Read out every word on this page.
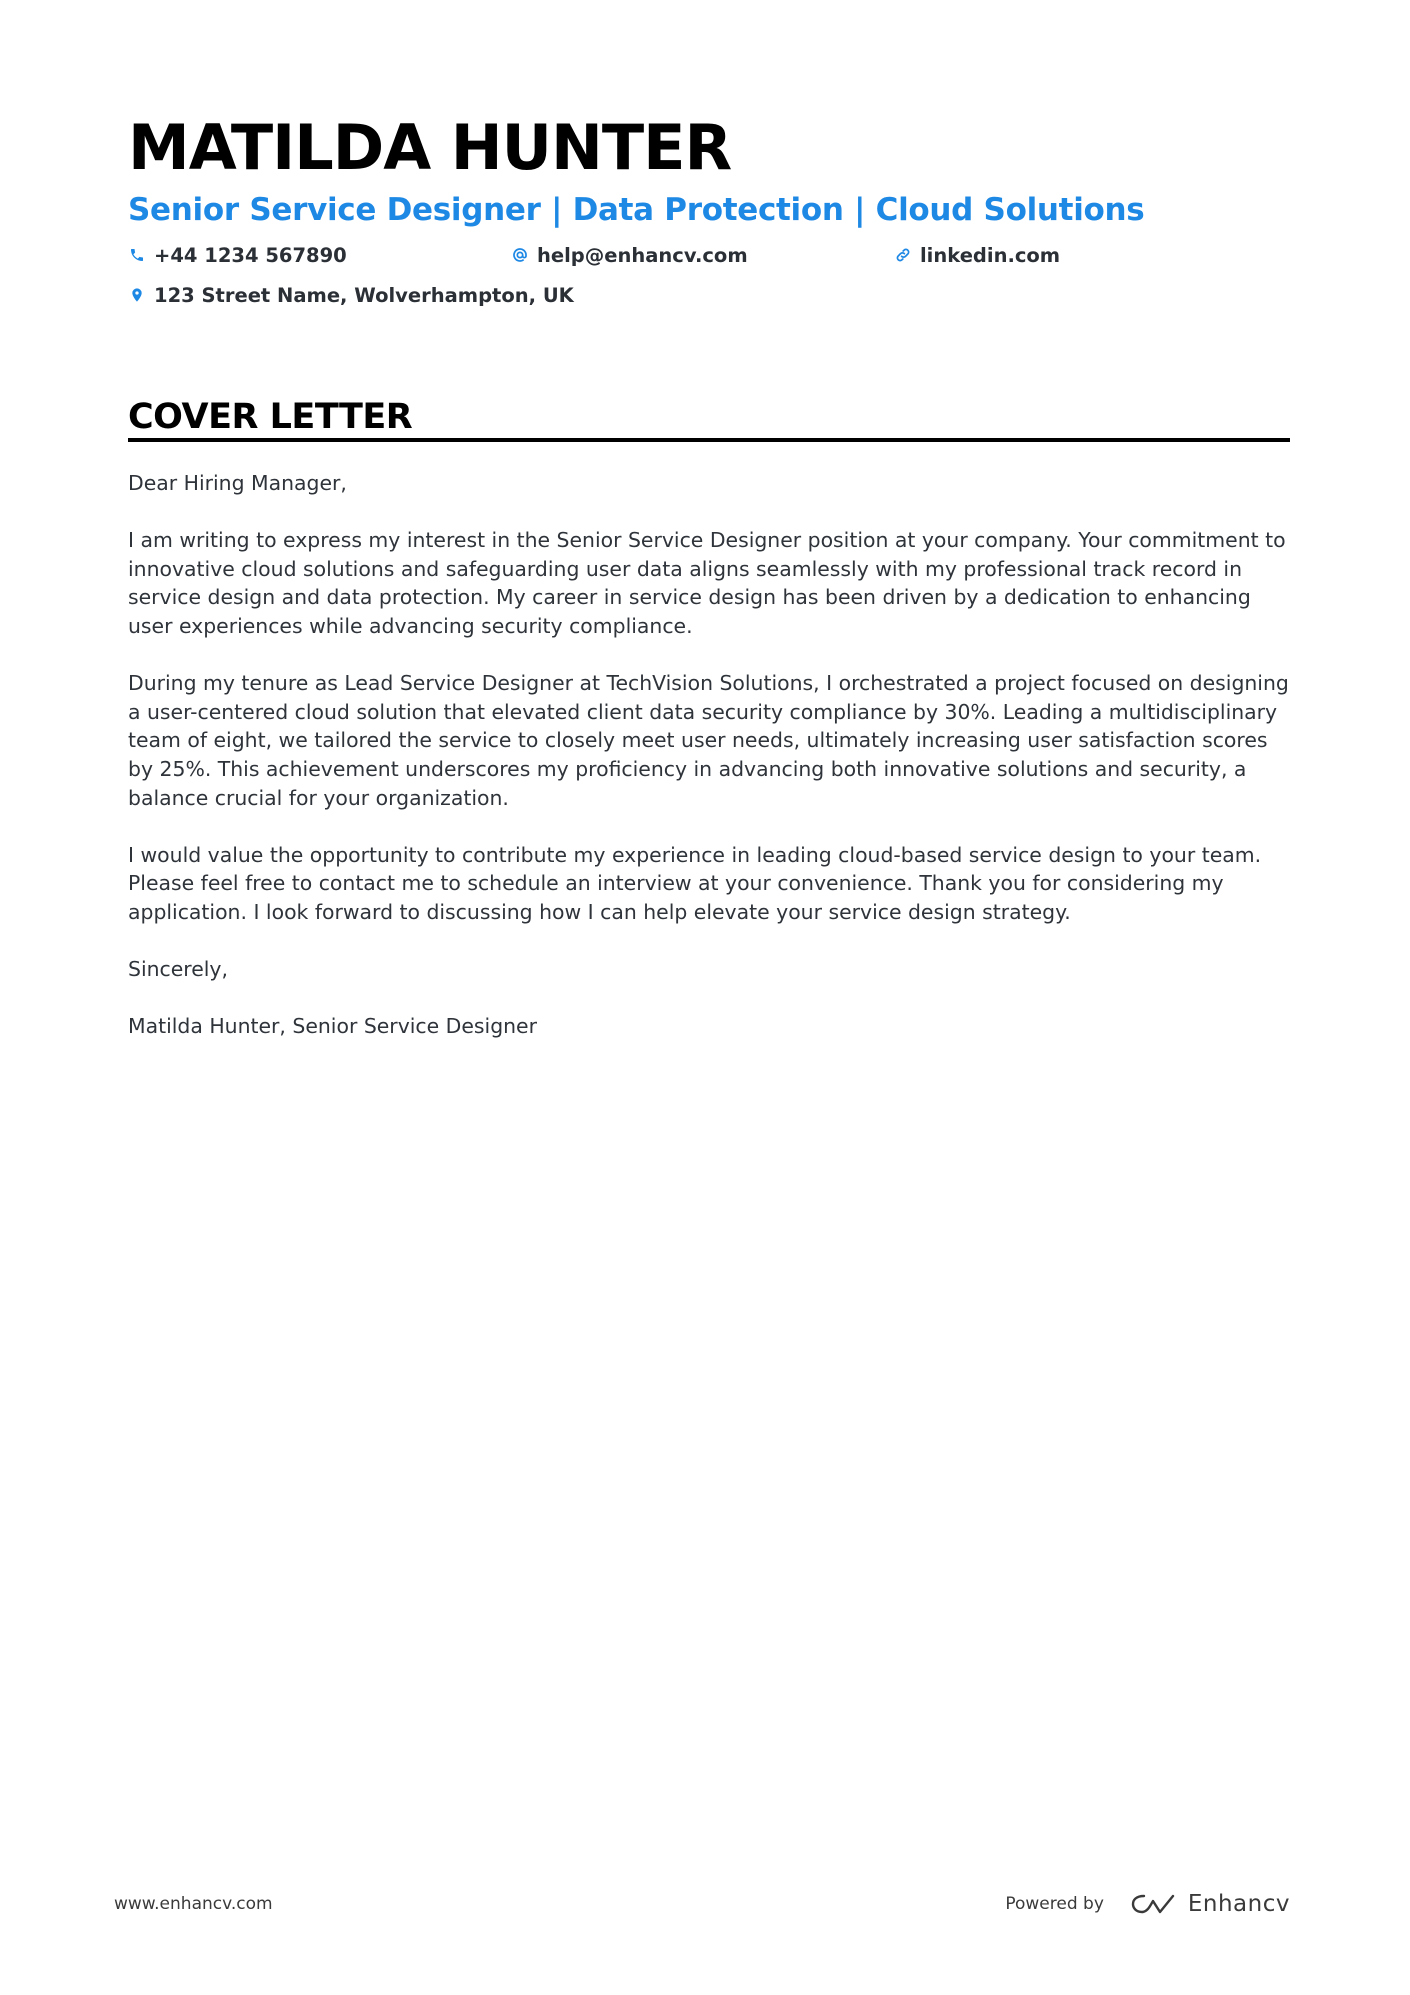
MATILDA HUNTER
Senior Service Designer | Data Protection | Cloud Solutions
+44 1234 567890	help@enhancv.com	linkedin.com
123 Street Name, Wolverhampton, UK
COVER LETTER

Dear Hiring Manager,

I am writing to express my interest in the Senior Service Designer position at your company. Your commitment to innovative cloud solutions and safeguarding user data aligns seamlessly with my professional track record in service design and data protection. My career in service design has been driven by a dedication to enhancing user experiences while advancing security compliance.

During my tenure as Lead Service Designer at TechVision Solutions, I orchestrated a project focused on designing a user-centered cloud solution that elevated client data security compliance by 30%. Leading a multidisciplinary team of eight, we tailored the service to closely meet user needs, ultimately increasing user satisfaction scores by 25%. This achievement underscores my proficiency in advancing both innovative solutions and security, a balance crucial for your organization.

I would value the opportunity to contribute my experience in leading cloud-based service design to your team. Please feel free to contact me to schedule an interview at your convenience. Thank you for considering my application. I look forward to discussing how I can help elevate your service design strategy.

Sincerely,

Matilda Hunter, Senior Service Designer

www.enhancv.com	Powered by	Enhancv
